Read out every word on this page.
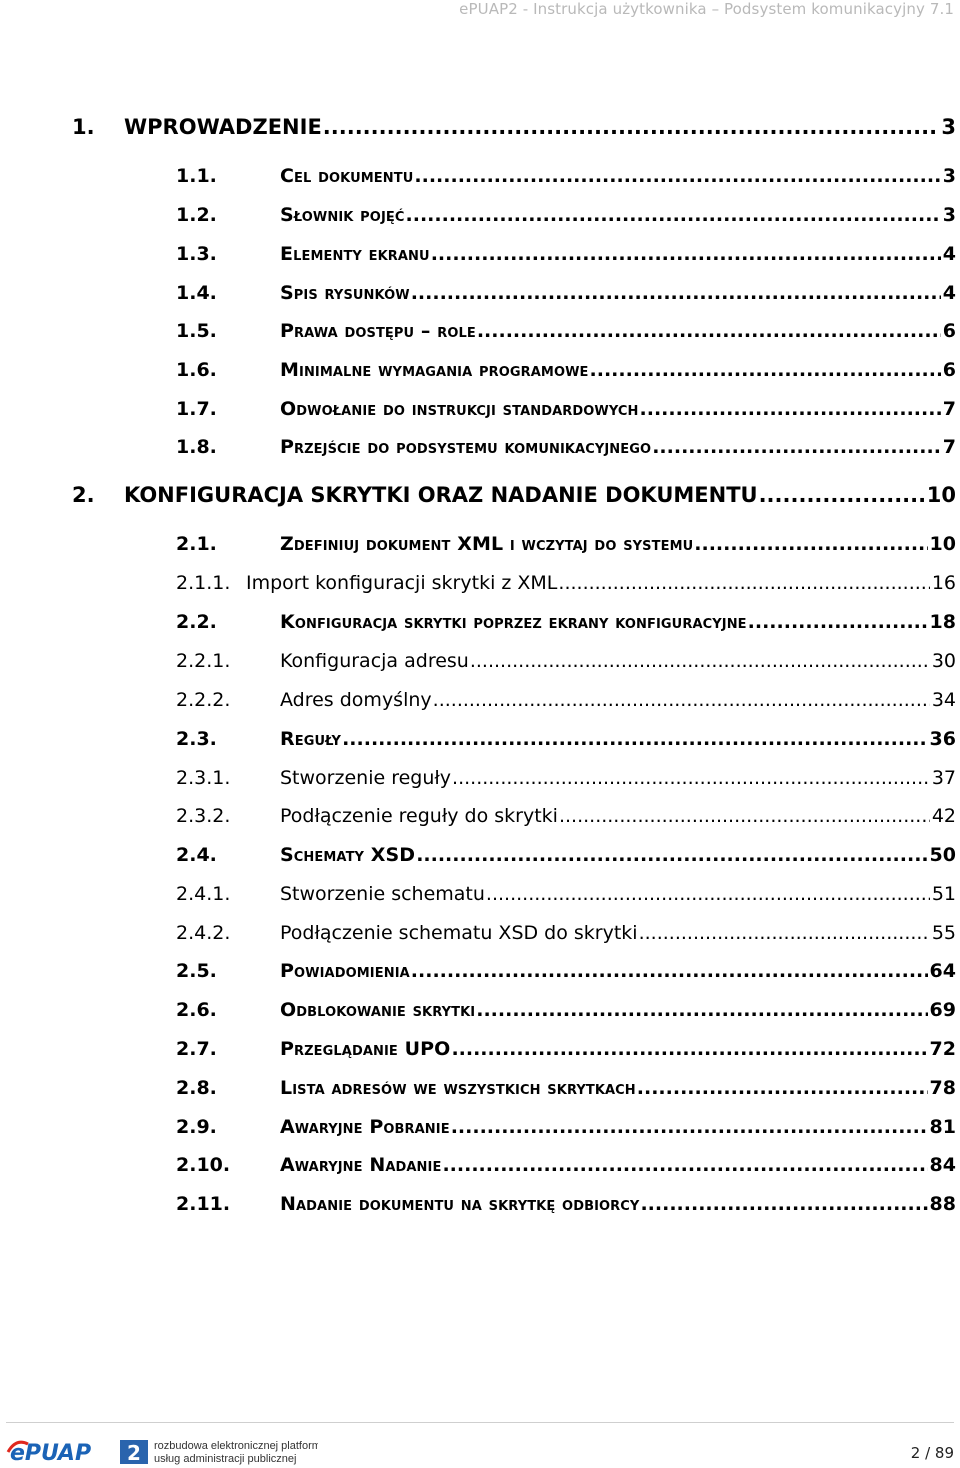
ePUAP2 - Instrukcja użytkownika – Podsystem komunikacyjny 7.1
1.	WPROWADZENIE .....	3
1.1.	Cel dokumentu .....	3
1.2.	Słownik pojęć .....	3
1.3.	Elementy ekranu .....	4
1.4.	Spis rysunków .....	4
1.5.	Prawa dostępu – role .....	6
1.6.	Minimalne wymagania programowe .....	6
1.7.	Odwołanie do instrukcji standardowych .....	7
1.8.	Przejście do podsystemu komunikacyjnego .....	7
2.	KONFIGURACJA SKRYTKI ORAZ NADANIE DOKUMENTU .....	10
2.1.	Zdefiniuj dokument XML i wczytaj do systemu .....	10
2.1.1. Import konfiguracji skrytki z XML .....	16
2.2.	Konfiguracja skrytki poprzez ekrany konfiguracyjne .....	18
2.2.1.	Konfiguracja adresu .....	30
2.2.2.	Adres domyślny .....	34
2.3.	Reguły .....	36
2.3.1.	Stworzenie reguły .....	37
2.3.2.	Podłączenie reguły do skrytki .....	42
2.4.	Schematy XSD .....	50
2.4.1.	Stworzenie schematu .....	51
2.4.2.	Podłączenie schematu XSD do skrytki .....	55
2.5.	Powiadomienia .....	64
2.6.	Odblokowanie skrytki .....	69
2.7.	Przeglądanie UPO .....	72
2.8.	Lista adresów we wszystkich skrytkach .....	78
2.9.	Awaryjne Pobranie .....	81
2.10.	Awaryjne Nadanie .....	84
2.11.	Nadanie dokumentu na skrytkę odbiorcy .....	88
ePUAP 2 rozbudowa elektronicznej platformy
usług administracji publicznej	2 / 89
